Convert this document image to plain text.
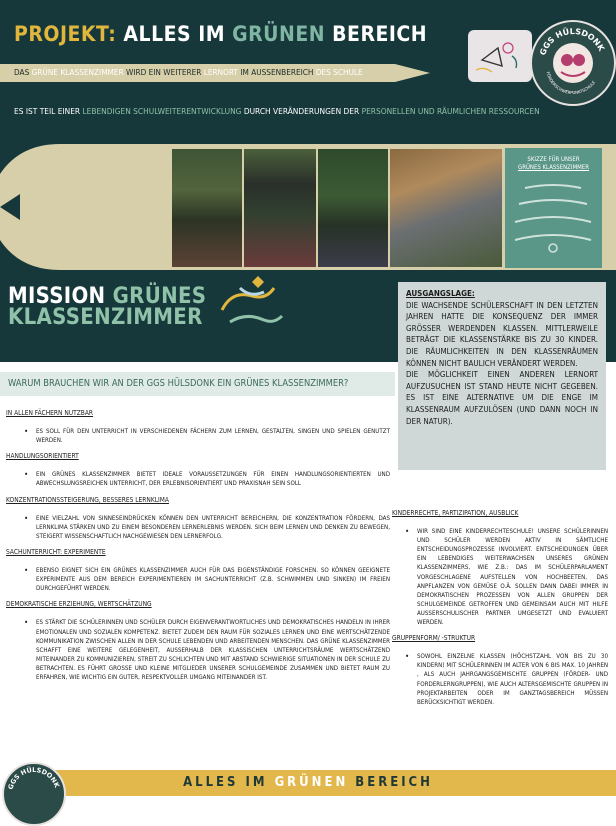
PROJEKT: ALLES IM GRÜNEN BEREICH
GGS HÜLSDONK
FÖRDERSCHWERPUNKTSCHULE
DAS GRÜNE KLASSENZIMMER WIRD EIN WEITERER LERNORT IM AUSSENBEREICH DES SCHULE
ES IST TEIL EINER LEBENDIGEN SCHULWEITERENTWICKLUNG DURCH VERÄNDERUNGEN DER PERSONELLEN UND RÄUMLICHEN RESSOURCEN
SKIZZE FÜR UNSER
GRÜNES KLASSENZIMMER
MISSION GRÜNES
KLASSENZIMMER
AUSGANGSLAGE:
DIE WACHSENDE SCHÜLERSCHAFT IN DEN LETZTEN JAHREN HATTE DIE KONSEQUENZ DER IMMER GRÖSSER WERDENDEN KLASSEN. MITTLERWEILE BETRÄGT DIE KLASSENSTÄRKE BIS ZU 30 KINDER. DIE RÄUMLICHKEITEN IN DEN KLASSENRÄUMEN KÖNNEN NICHT BAULICH VERÄNDERT WERDEN.
DIE MÖGLICHKEIT EINEN ANDEREN LERNORT AUFZUSUCHEN IST STAND HEUTE NICHT GEGEBEN. ES IST EINE ALTERNATIVE UM DIE ENGE IM KLASSENRAUM AUFZULÖSEN (UND DANN NOCH IN DER NATUR).
WARUM BRAUCHEN WIR AN DER GGS HÜLSDONK EIN GRÜNES KLASSENZIMMER?
IN ALLEN FÄCHERN NUTZBAR
• ES SOLL FÜR DEN UNTERRICHT IN VERSCHIEDENEN FÄCHERN ZUM LERNEN, GESTALTEN, SINGEN UND SPIELEN GENUTZT WERDEN.
HANDLUNGSORIENTIERT
• EIN GRÜNES KLASSENZIMMER BIETET IDEALE VORAUSSETZUNGEN FÜR EINEN HANDLUNGSORIENTIERTEN UND ABWECHSLUNGSREICHEN UNTERRICHT, DER ERLEBNISORIENTIERT UND PRAXISNAH SEIN SOLL
KONZENTRATIONSSTEIGERUNG, BESSERES LERNKLIMA
• EINE VIELZAHL VON SINNESEINDRÜCKEN KÖNNEN DEN UNTERRICHT BEREICHERN, DIE KONZENTRATION FÖRDERN, DAS LERNKLIMA STÄRKEN UND ZU EINEM BESONDEREN LERNERLEBNIS WERDEN. SICH BEIM LERNEN UND DENKEN ZU BEWEGEN, STEIGERT WISSENSCHAFTLICH NACHGEWIESEN DEN LERNERFOLG.
SACHUNTERRICHT: EXPERIMENTE
• EBENSO EIGNET SICH EIN GRÜNES KLASSENZIMMER AUCH FÜR DAS EIGENSTÄNDIGE FORSCHEN. SO KÖNNEN GEEIGNETE EXPERIMENTE AUS DEM BEREICH EXPERIMENTIEREN IM SACHUNTERRICHT (Z.B. SCHWIMMEN UND SINKEN) IM FREIEN DURCHGEFÜHRT WERDEN.
DEMOKRATISCHE ERZIEHUNG, WERTSCHÄTZUNG
• ES STÄRKT DIE SCHÜLERINNEN UND SCHÜLER DURCH EIGENVERANTWORTLICHES UND DEMOKRATISCHES HANDELN IN IHRER EMOTIONALEN UND SOZIALEN KOMPETENZ. BIETET ZUDEM DEN RAUM FÜR SOZIALES LERNEN UND EINE WERTSCHÄTZENDE KOMMUNIKATION ZWISCHEN ALLEN IN DER SCHULE LEBENDEN UND ARBEITENDEN MENSCHEN. DAS GRÜNE KLASSENZIMMER SCHAFFT EINE WEITERE GELEGENHEIT, AUSSERHALB DER KLASSISCHEN UNTERRICHTSRÄUME WERTSCHÄTZEND MITEINANDER ZU KOMMUNIZIEREN, STREIT ZU SCHLICHTEN UND MIT ABSTAND SCHWIERIGE SITUATIONEN IN DER SCHULE ZU BETRACHTEN. ES FÜHRT GROSSE UND KLEINE MITGLIEDER UNSERER SCHULGEMEINDE ZUSAMMEN UND BIETET RAUM ZU ERFAHREN, WIE WICHTIG EIN GUTER, RESPEKTVOLLER UMGANG MITEINANDER IST.
KINDERRECHTE, PARTIZIPATION, AUSBLICK
• WIR SIND EINE KINDERRECHTESCHULE! UNSERE SCHÜLERINNEN UND SCHÜLER WERDEN AKTIV IN SÄMTLICHE ENTSCHEIDUNGSPROZESSE INVOLVIERT. ENTSCHEIDUNGEN ÜBER EIN LEBENDIGES WEITERWACHSEN UNSERES GRÜNEN KLASSENZIMMERS, WIE Z.B.: DAS IM SCHÜLERPARLAMENT VORGESCHLAGENE AUFSTELLEN VON HOCHBEETEN, DAS ANPFLANZEN VON GEMÜSE O.Ä. SOLLEN DANN DABEI IMMER IN DEMOKRATISCHEN PROZESSEN VON ALLEN GRUPPEN DER SCHULGEMEINDE GETROFFEN UND GEMEINSAM AUCH MIT HILFE AUSSERSCHULISCHER PARTNER UMGESETZT UND EVALUIERT WERDEN.
GRUPPENFORM/ -STRUKTUR
• SOWOHL EINZELNE KLASSEN (HÖCHSTZAHL VON BIS ZU 30 KINDERN) MIT SCHÜLERINNEN IM ALTER VON 6 BIS MAX. 10 JAHREN , ALS AUCH JAHRGANGSGEMISCHTE GRUPPEN (FÖRDER- UND FORDERLERNGRUPPEN), WIE AUCH ALTERSGEMISCHTE GRUPPEN IN PROJEKTARBEITEN ODER IM GANZTAGSBEREICH MÜSSEN BERÜCKSICHTIGT WERDEN.
GGS HÜLSDONK	ALLES IM GRÜNEN BEREICH
